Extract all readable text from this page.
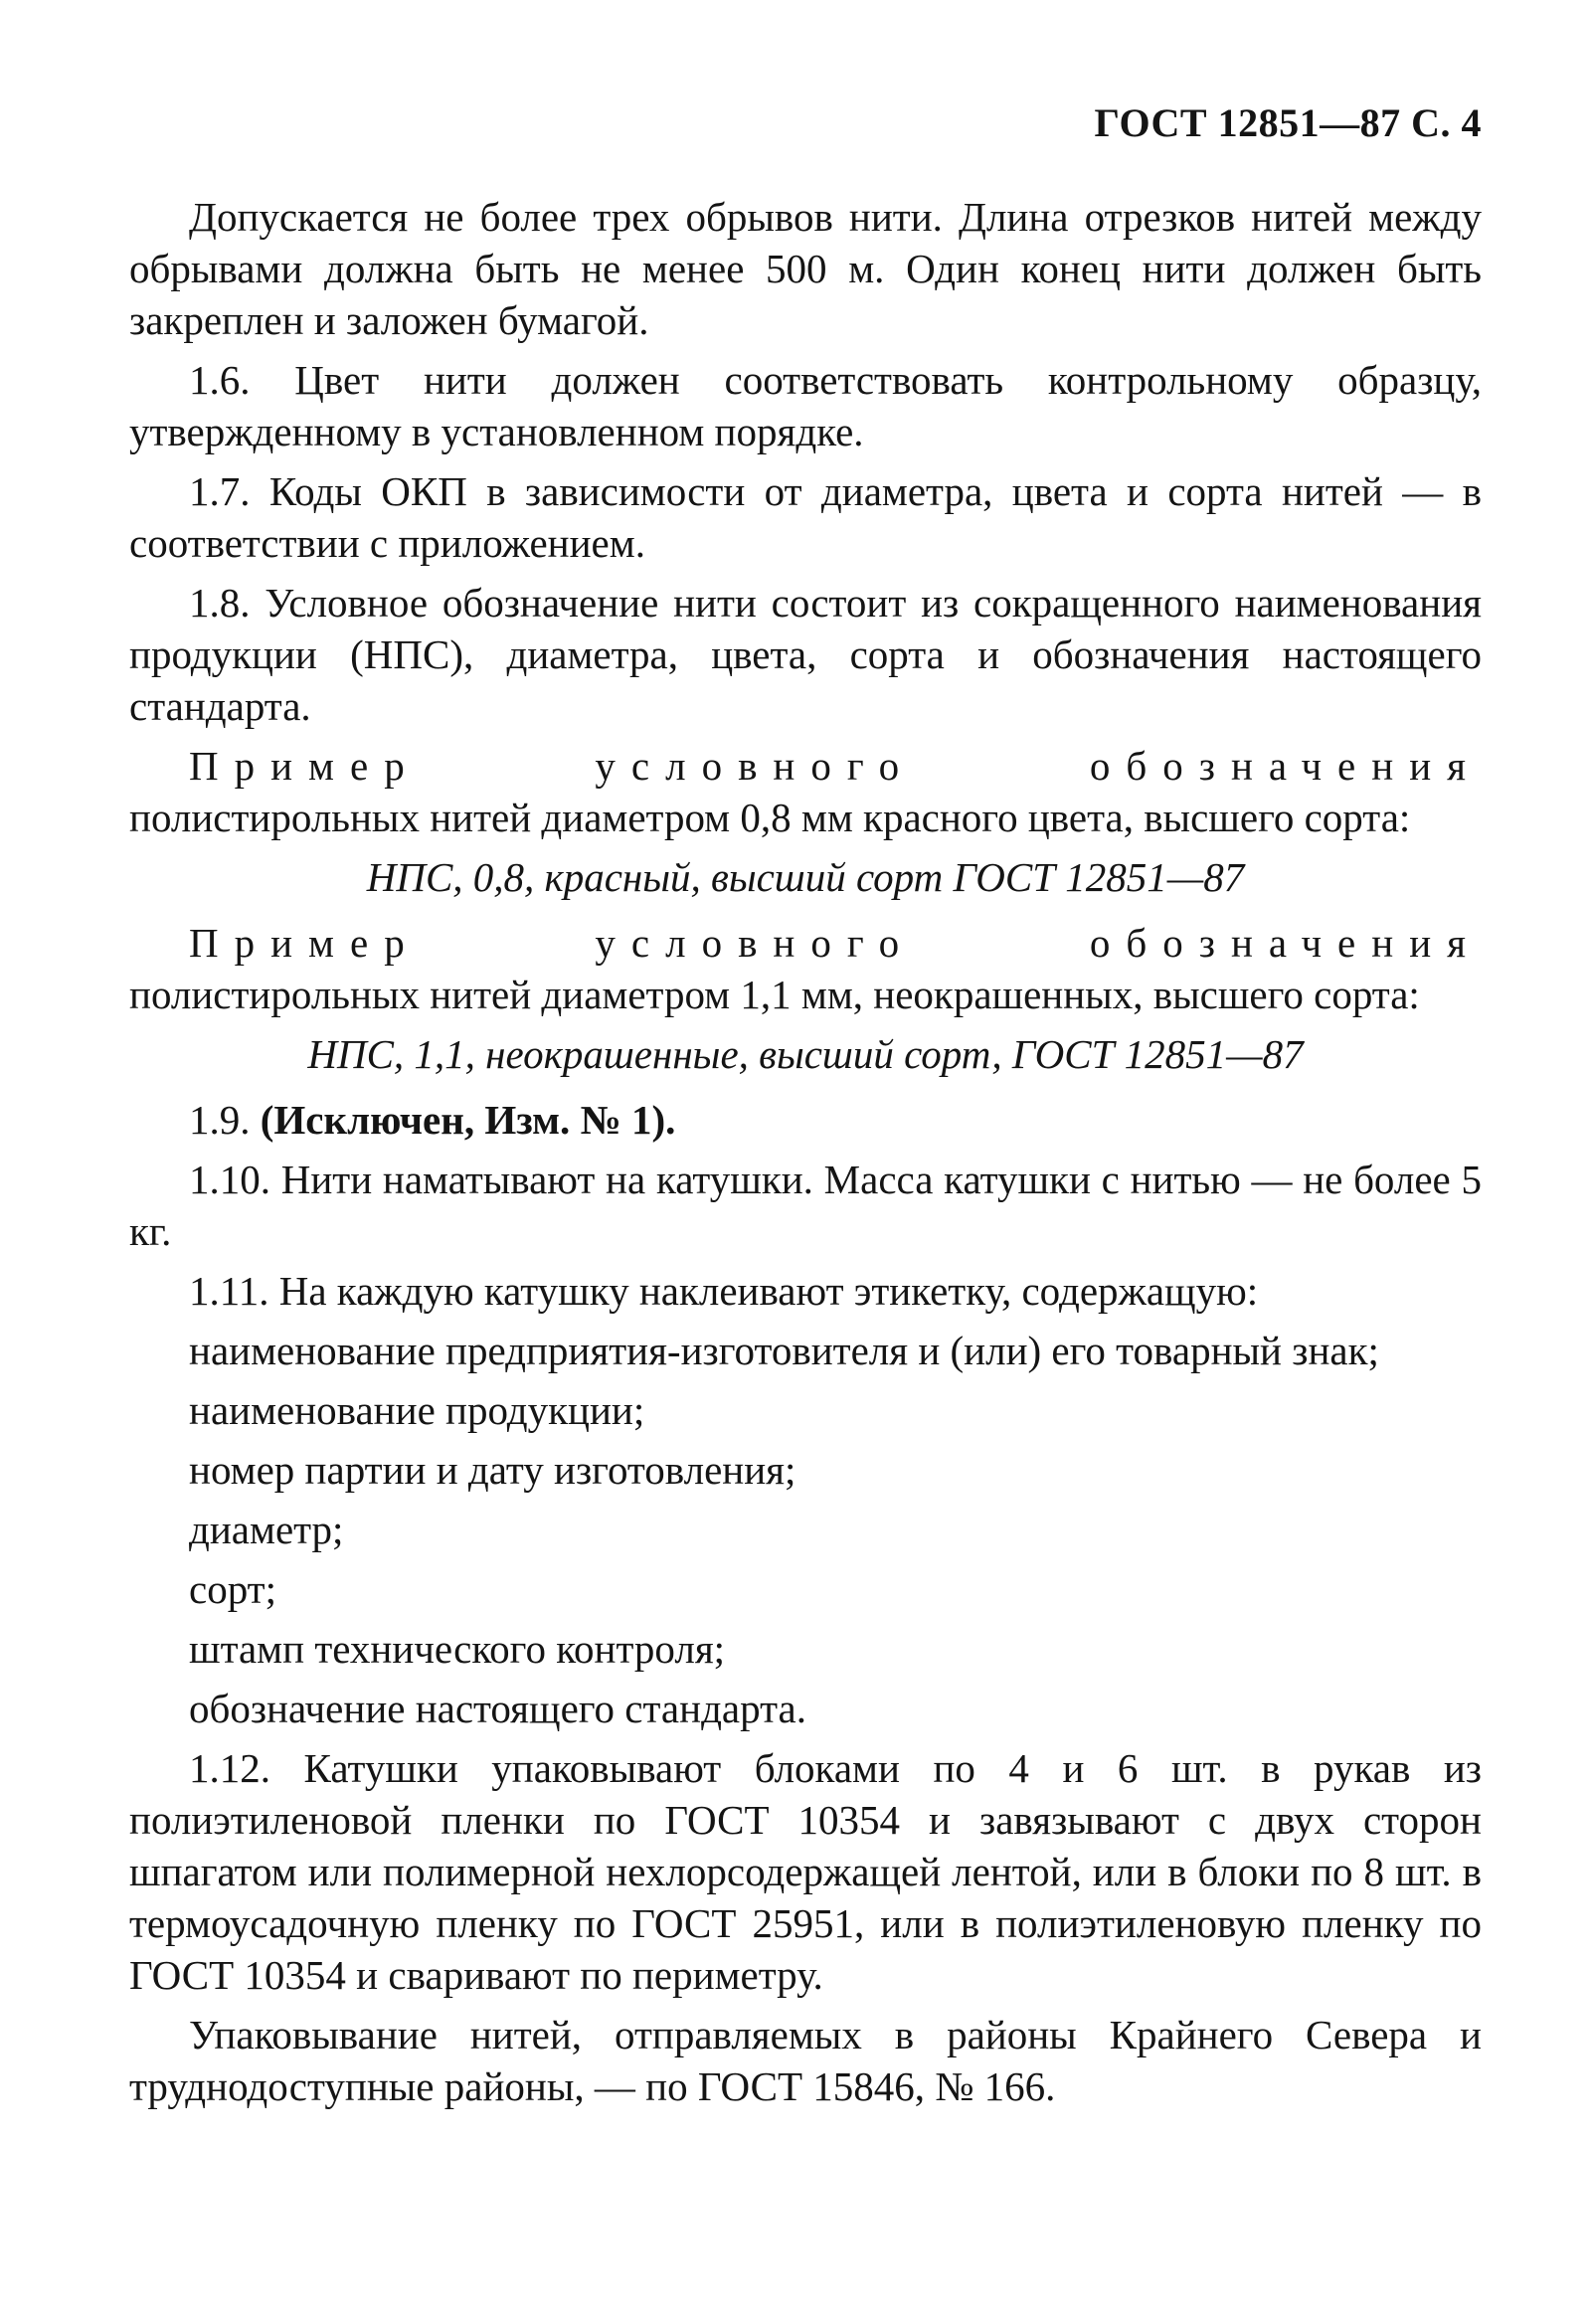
ГОСТ 12851—87 С. 4

Допускается не более трех обрывов нити. Длина отрезков нитей между обрывами должна быть не менее 500 м. Один конец нити должен быть закреплен и заложен бумагой.

1.6. Цвет нити должен соответствовать контрольному образцу, утвержденному в установленном порядке.

1.7. Коды ОКП в зависимости от диаметра, цвета и сорта нитей — в соответствии с приложением.

1.8. Условное обозначение нити состоит из сокращенного наименования продукции (НПС), диаметра, цвета, сорта и обозначения настоящего стандарта.

Пример условного обозначения полистирольных нитей диаметром 0,8 мм красного цвета, высшего сорта:

НПС, 0,8, красный, высший сорт ГОСТ 12851—87

Пример условного обозначения полистирольных нитей диаметром 1,1 мм, неокрашенных, высшего сорта:

НПС, 1,1, неокрашенные, высший сорт, ГОСТ 12851—87

1.9. (Исключен, Изм. № 1).

1.10. Нити наматывают на катушки. Масса катушки с нитью — не более 5 кг.

1.11. На каждую катушку наклеивают этикетку, содержащую:

наименование предприятия-изготовителя и (или) его товарный знак;

наименование продукции;

номер партии и дату изготовления;

диаметр;

сорт;

штамп технического контроля;

обозначение настоящего стандарта.

1.12. Катушки упаковывают блоками по 4 и 6 шт. в рукав из полиэтиленовой пленки по ГОСТ 10354 и завязывают с двух сторон шпагатом или полимерной нехлорсодержащей лентой, или в блоки по 8 шт. в термоусадочную пленку по ГОСТ 25951, или в полиэтиленовую пленку по ГОСТ 10354 и сваривают по периметру.

Упаковывание нитей, отправляемых в районы Крайнего Севера и труднодоступные районы, — по ГОСТ 15846, № 166.
